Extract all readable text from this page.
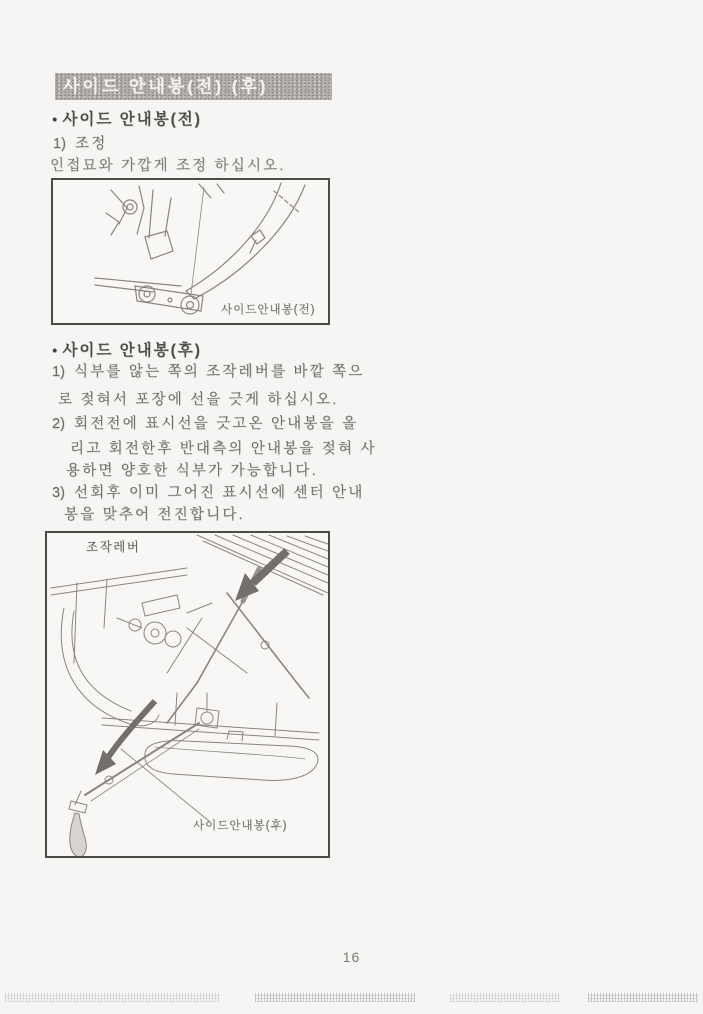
사이드 안내봉(전) (후)
● 사이드 안내봉(전)
1) 조정
인접묘와 가깝게 조정 하십시오.
사이드안내봉(전)
● 사이드 안내봉(후)
1) 식부를 않는 쪽의 조작레버를 바깥 쪽으
로 젖혀서 포장에 선을 긋게 하십시오.
2) 회전전에 표시선을 긋고온 안내봉을 올
리고 회전한후 반대측의 안내봉을 젖혀 사
용하면 양호한 식부가 가능합니다.
3) 선회후 이미 그어진 표시선에 센터 안내
봉을 맞추어 전진합니다.
조작레버
사이드안내봉(후)
16
